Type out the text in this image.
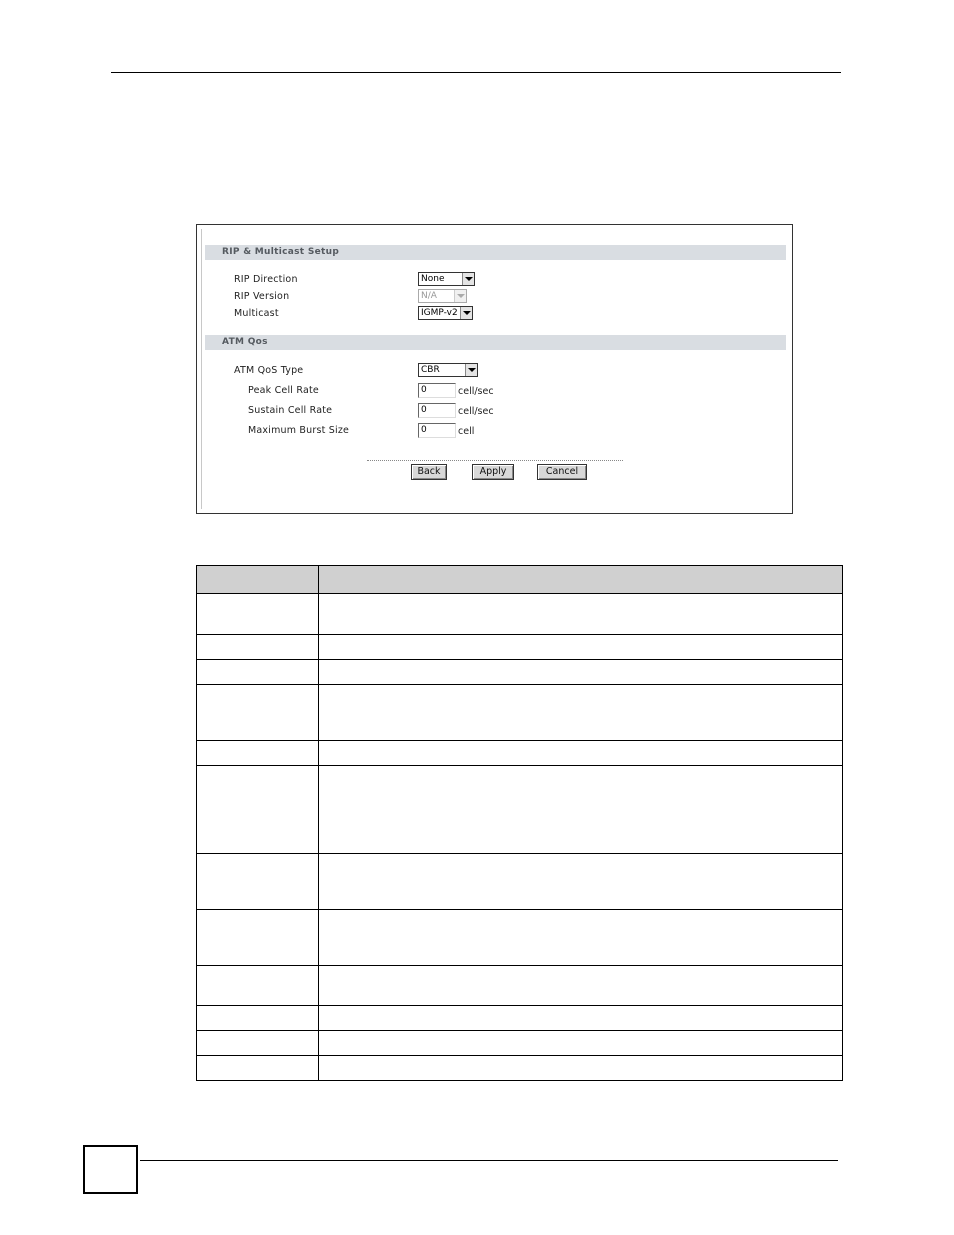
RIP & Multicast Setup
RIP Direction	None
RIP Version	N/A
Multicast	IGMP-v2
ATM Qos
ATM QoS Type	CBR
Peak Cell Rate	0	cell/sec
Sustain Cell Rate	0	cell/sec
Maximum Burst Size	0	cell
Back	Apply	Cancel
